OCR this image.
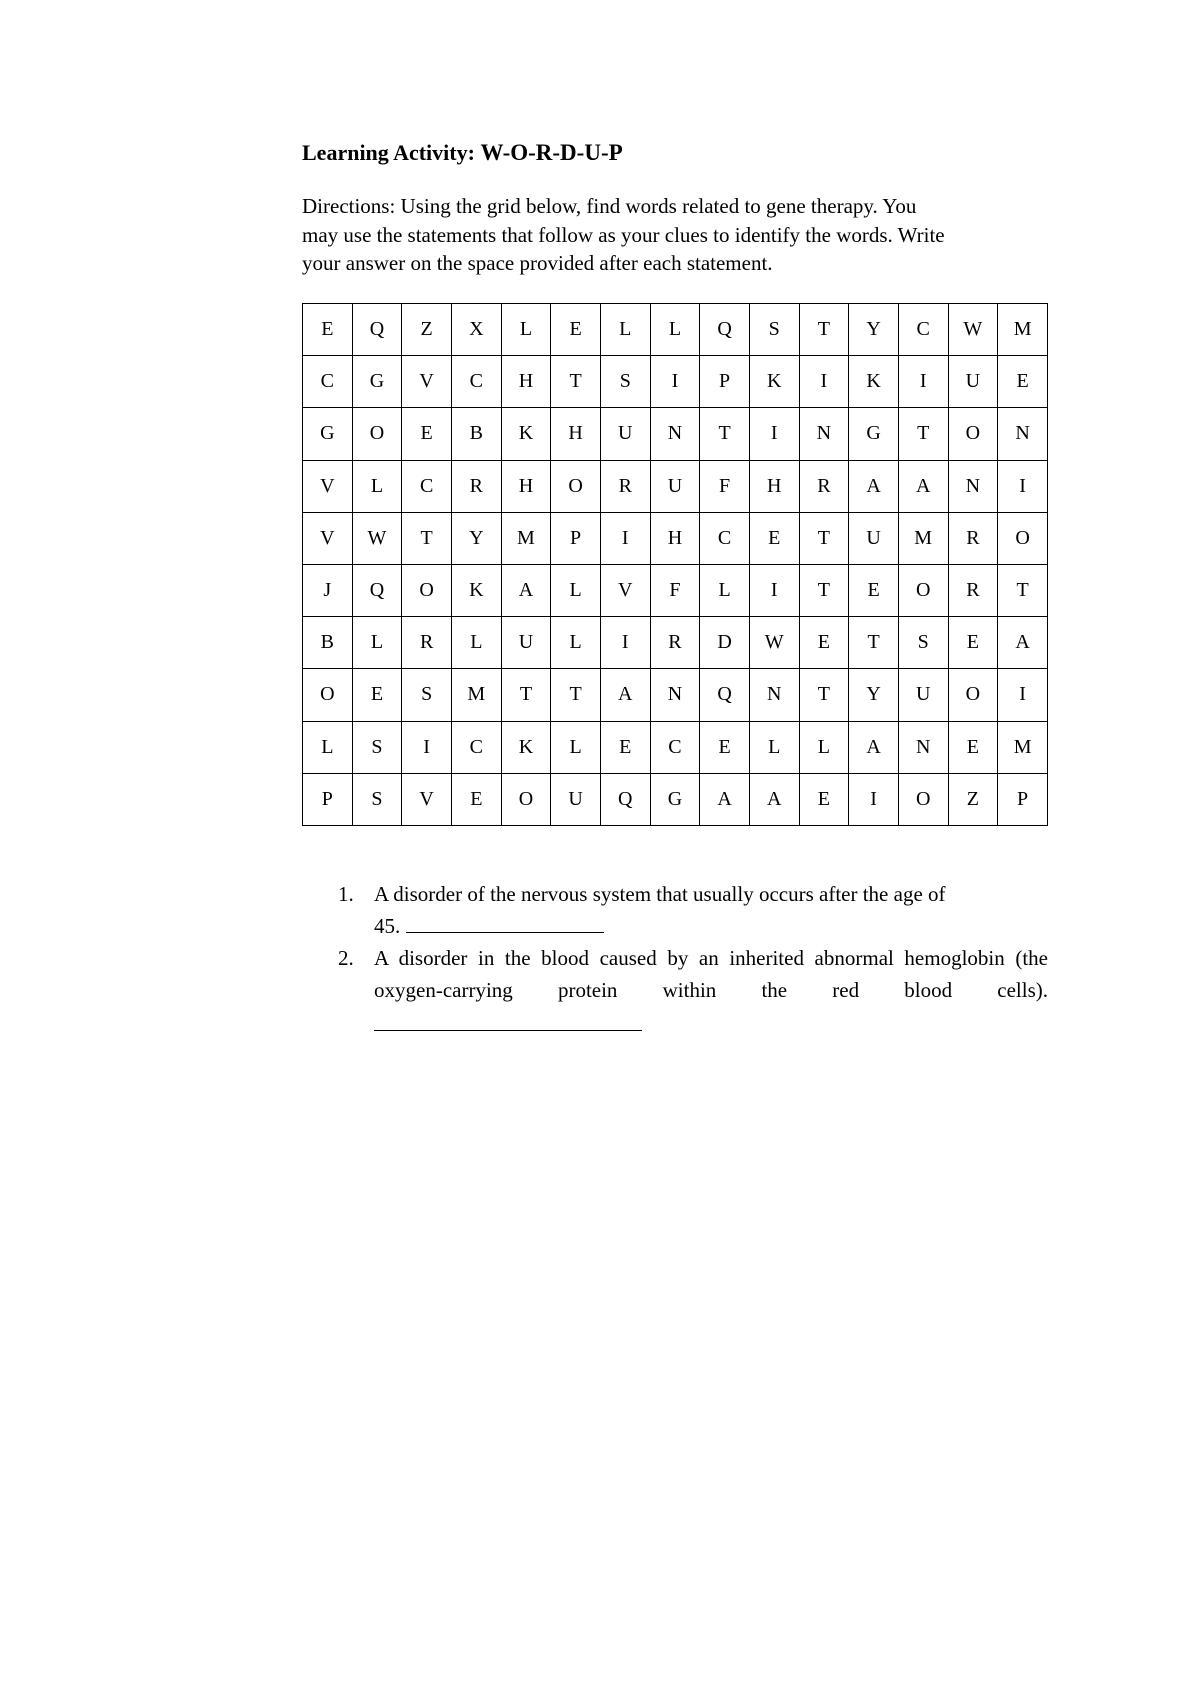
Learning Activity: W-O-R-D-U-P
Directions: Using the grid below, find words related to gene therapy. You
may use the statements that follow as your clues to identify the words. Write
your answer on the space provided after each statement.
E	Q	Z	X	L	E	L	L	Q	S	T	Y	C	W	M
C	G	V	C	H	T	S	I	P	K	I	K	I	U	E
G	O	E	B	K	H	U	N	T	I	N	G	T	O	N
V	L	C	R	H	O	R	U	F	H	R	A	A	N	I
V	W	T	Y	M	P	I	H	C	E	T	U	M	R	O
J	Q	O	K	A	L	V	F	L	I	T	E	O	R	T
B	L	R	L	U	L	I	R	D	W	E	T	S	E	A
O	E	S	M	T	T	A	N	Q	N	T	Y	U	O	I
L	S	I	C	K	L	E	C	E	L	L	A	N	E	M
P	S	V	E	O	U	Q	G	A	A	E	I	O	Z	P
1. A disorder of the nervous system that usually occurs after the age of
45.
2. A disorder in the blood caused by an inherited abnormal hemoglobin (the oxygen-carrying protein within the red blood cells).
